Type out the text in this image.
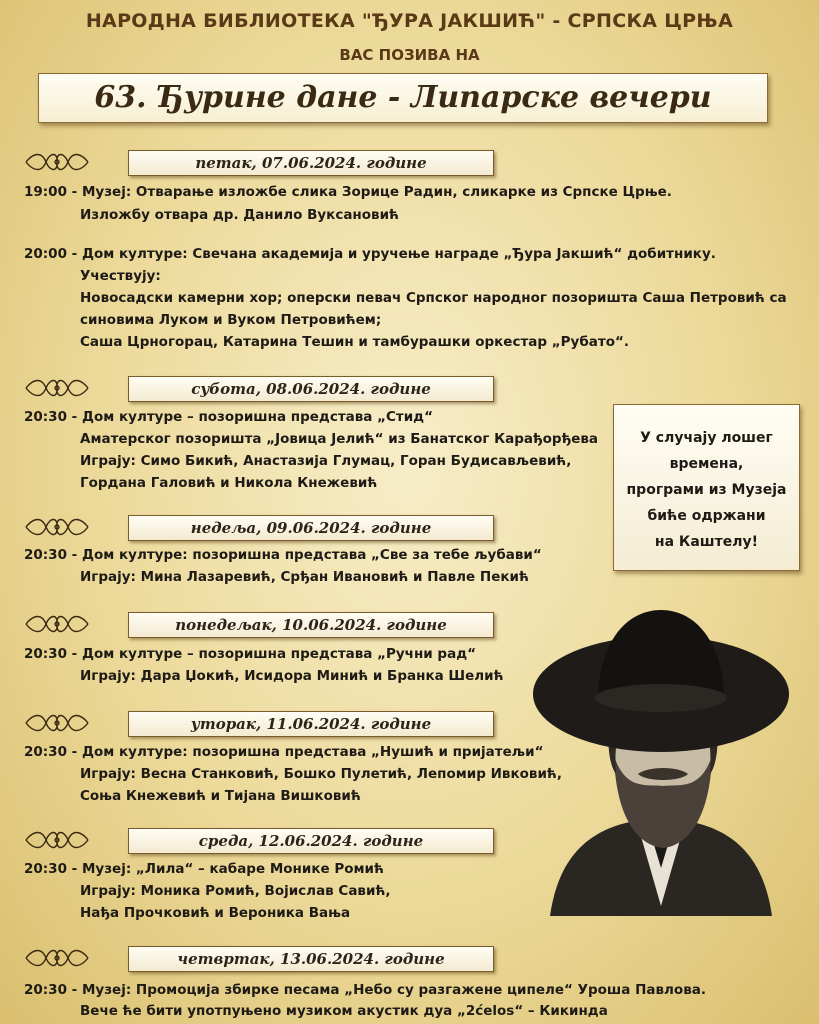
НАРОДНА БИБЛИОТЕКА "ЂУРА ЈАКШИЋ" - СРПСКА ЦРЊА
ВАС ПОЗИВА НА
63. Ђурине дане - Липарске вечери
петак, 07.06.2024. године
19:00 - Музеј: Отварање изложбе слика Зорице Радин, сликарке из Српске Црње.
Изложбу отвара др. Данило Вуксановић
20:00 - Дом културе: Свечана академија и уручење награде „Ђура Јакшић“ добитнику.
Учествују:
Новосадски камерни хор; оперски певач Српског народног позоришта Саша Петровић са
синовима Луком и Вуком Петровићем;
Саша Црногорац, Катарина Тешин и тамбурашки оркестар „Рубато“.
субота, 08.06.2024. године
20:30 - Дом културе – позоришна представа „Стид“
Аматерског позоришта „Јовица Јелић“ из Банатског Карађорђева
Играју: Симо Бикић, Анастазија Глумац, Горан Будисављевић,
Гордана Галовић и Никола Кнежевић
У случају лошег
времена,
програми из Музеја
биће одржани
на Каштелу!
недеља, 09.06.2024. године
20:30 - Дом културе: позоришна представа „Све за тебе љубави“
Играју: Мина Лазаревић, Срђан Ивановић и Павле Пекић
понедељак, 10.06.2024. године
20:30 - Дом културе – позоришна представа „Ручни рад“
Играју: Дара Џокић, Исидора Минић и Бранка Шелић
уторак, 11.06.2024. године
20:30 - Дом културе: позоришна представа „Нушић и пријатељи“
Играју: Весна Станковић, Бошко Пулетић, Лепомир Ивковић,
Соња Кнежевић и Тијана Вишковић
среда, 12.06.2024. године
20:30 - Музеј: „Лила“ – кабаре Монике Ромић
Играју: Моника Ромић, Војислав Савић,
Нађа Прочковић и Вероника Вања
четвртак, 13.06.2024. године
20:30 - Музеј: Промоција збирке песама „Небо су разгажене ципеле“ Уроша Павлова.
Вече ће бити употпуњено музиком акустик дуа „2ćelos“ – Кикинда
